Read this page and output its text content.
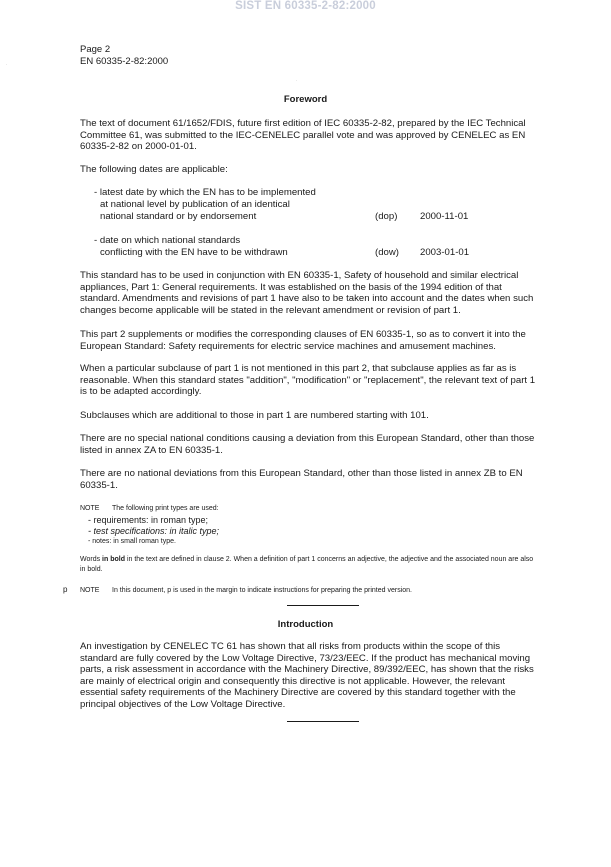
SIST EN 60335-2-82:2000
Page 2
EN 60335-2-82:2000
·
·
Foreword
The text of document 61/1652/FDIS, future first edition of IEC 60335-2-82, prepared by the IEC Technical Committee 61, was submitted to the IEC-CENELEC parallel vote and was approved by CENELEC as EN 60335-2-82 on 2000-01-01.
The following dates are applicable:
- latest date by which the EN has to be implemented
at national level by publication of an identical
national standard or by endorsement	(dop) 2000-11-01
- date on which national standards
conflicting with the EN have to be withdrawn	(dow) 2003-01-01
This standard has to be used in conjunction with EN 60335-1, Safety of household and similar electrical appliances, Part 1: General requirements. It was established on the basis of the 1994 edition of that standard. Amendments and revisions of part 1 have also to be taken into account and the dates when such changes become applicable will be stated in the relevant amendment or revision of part 1.
This part 2 supplements or modifies the corresponding clauses of EN 60335-1, so as to convert it into the European Standard: Safety requirements for electric service machines and amusement machines.
When a particular subclause of part 1 is not mentioned in this part 2, that subclause applies as far as is reasonable. When this standard states "addition", "modification" or "replacement", the relevant text of part 1 is to be adapted accordingly.
Subclauses which are additional to those in part 1 are numbered starting with 101.
There are no special national conditions causing a deviation from this European Standard, other than those listed in annex ZA to EN 60335-1.
There are no national deviations from this European Standard, other than those listed in annex ZB to EN 60335-1.
NOTE The following print types are used:
- requirements: in roman type;
- test specifications: in italic type;
- notes: in small roman type.
Words in bold in the text are defined in clause 2. When a definition of part 1 concerns an adjective, the adjective and the associated noun are also in bold.
p NOTE In this document, p is used in the margin to indicate instructions for preparing the printed version.
Introduction
An investigation by CENELEC TC 61 has shown that all risks from products within the scope of this standard are fully covered by the Low Voltage Directive, 73/23/EEC. If the product has mechanical moving parts, a risk assessment in accordance with the Machinery Directive, 89/392/EEC, has shown that the risks are mainly of electrical origin and consequently this directive is not applicable. However, the relevant essential safety requirements of the Machinery Directive are covered by this standard together with the principal objectives of the Low Voltage Directive.
